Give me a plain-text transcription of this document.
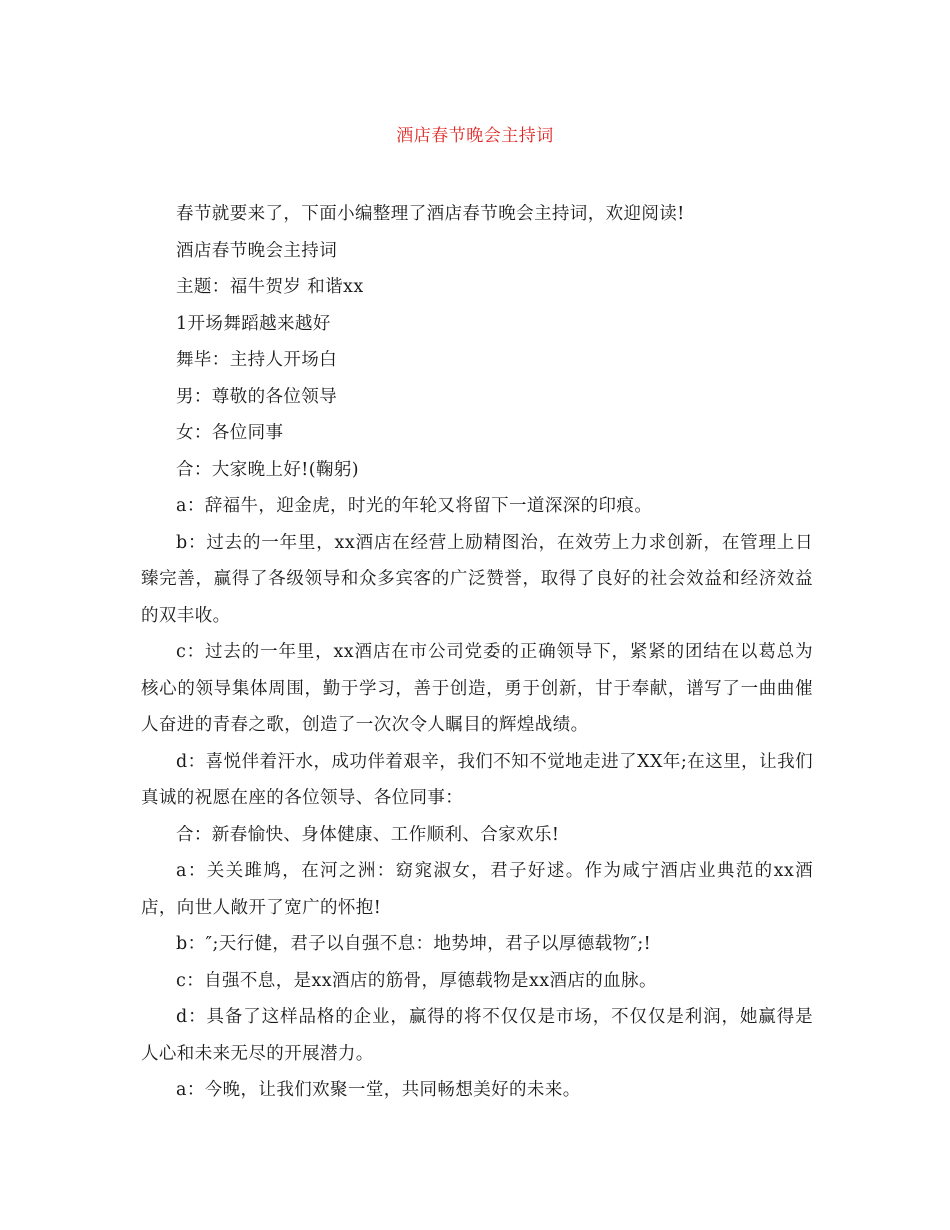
酒店春节晚会主持词

春节就要来了，下面小编整理了酒店春节晚会主持词，欢迎阅读!

酒店春节晚会主持词

主题：福牛贺岁 和谐xx

1开场舞蹈越来越好

舞毕：主持人开场白

男：尊敬的各位领导

女：各位同事

合：大家晚上好!(鞠躬)

a：辞福牛，迎金虎，时光的年轮又将留下一道深深的印痕。

b：过去的一年里，xx酒店在经营上励精图治，在效劳上力求创新，在管理上日臻完善，赢得了各级领导和众多宾客的广泛赞誉，取得了良好的社会效益和经济效益的双丰收。

c：过去的一年里，xx酒店在市公司党委的正确领导下，紧紧的团结在以葛总为核心的领导集体周围，勤于学习，善于创造，勇于创新，甘于奉献，谱写了一曲曲催人奋进的青春之歌，创造了一次次令人瞩目的辉煌战绩。

d：喜悦伴着汗水，成功伴着艰辛，我们不知不觉地走进了XX年;在这里，让我们真诚的祝愿在座的各位领导、各位同事：

合：新春愉快、身体健康、工作顺利、合家欢乐!

a：关关雎鸠，在河之洲：窈窕淑女，君子好逑。作为咸宁酒店业典范的xx酒店，向世人敞开了宽广的怀抱!

b：″;天行健，君子以自强不息：地势坤，君子以厚德载物″;!

c：自强不息，是xx酒店的筋骨，厚德载物是xx酒店的血脉。

d：具备了这样品格的企业，赢得的将不仅仅是市场，不仅仅是利润，她赢得是人心和未来无尽的开展潜力。

a：今晚，让我们欢聚一堂，共同畅想美好的未来。
